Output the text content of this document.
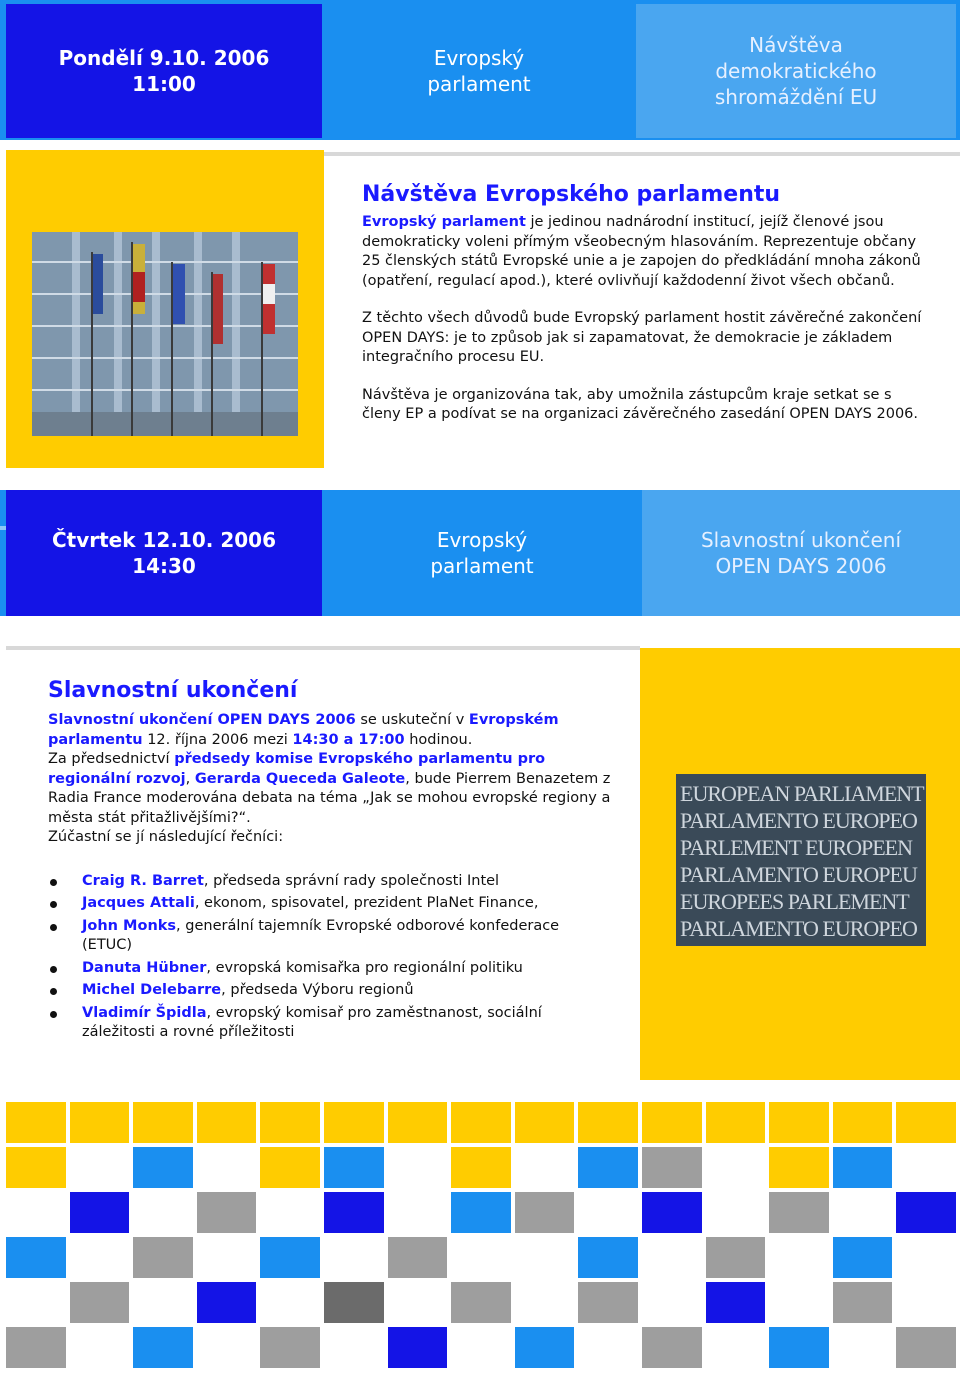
Pondělí 9.10. 2006
11:00
Evropský
parlament
Návštěva
demokratického
shromáždění EU
Návštěva Evropského parlamentu
Evropský parlament je jedinou nadnárodní institucí, jejíž členové jsou demokraticky voleni přímým všeobecným hlasováním. Reprezentuje občany 25 členských států Evropské unie a je zapojen do předkládání mnoha zákonů (opatření, regulací apod.), které ovlivňují každodenní život všech občanů.
Z těchto všech důvodů bude Evropský parlament hostit závěrečné zakončení OPEN DAYS: je to způsob jak si zapamatovat, že demokracie je základem integračního procesu EU.
Návštěva je organizována tak, aby umožnila zástupcům kraje setkat se s členy EP a podívat se na organizaci závěrečného zasedání OPEN DAYS 2006.
Čtvrtek 12.10. 2006
14:30
Evropský
parlament
Slavnostní ukončení
OPEN DAYS 2006
EUROPEAN PARLIAMENT
PARLAMENTO EUROPEO
PARLEMENT EUROPEEN
PARLAMENTO EUROPEU
EUROPEES PARLEMENT
PARLAMENTO EUROPEO
Slavnostní ukončení
Slavnostní ukončení OPEN DAYS 2006 se uskuteční v Evropském parlamentu 12. října 2006 mezi 14:30 a 17:00 hodinou.
Za předsednictví předsedy komise Evropského parlamentu pro regionální rozvoj, Gerarda Queceda Galeote, bude Pierrem Benazetem z Radia France moderována debata na téma „Jak se mohou evropské regiony a města stát přitažlivějšími?“.
Zúčastní se jí následující řečníci:
Craig R. Barret, předseda správní rady společnosti Intel
Jacques Attali, ekonom, spisovatel, prezident PlaNet Finance,
John Monks, generální tajemník Evropské odborové konfederace (ETUC)
Danuta Hübner, evropská komisařka pro regionální politiku
Michel Delebarre, předseda Výboru regionů
Vladimír Špidla, evropský komisař pro zaměstnanost, sociální záležitosti a rovné příležitosti
